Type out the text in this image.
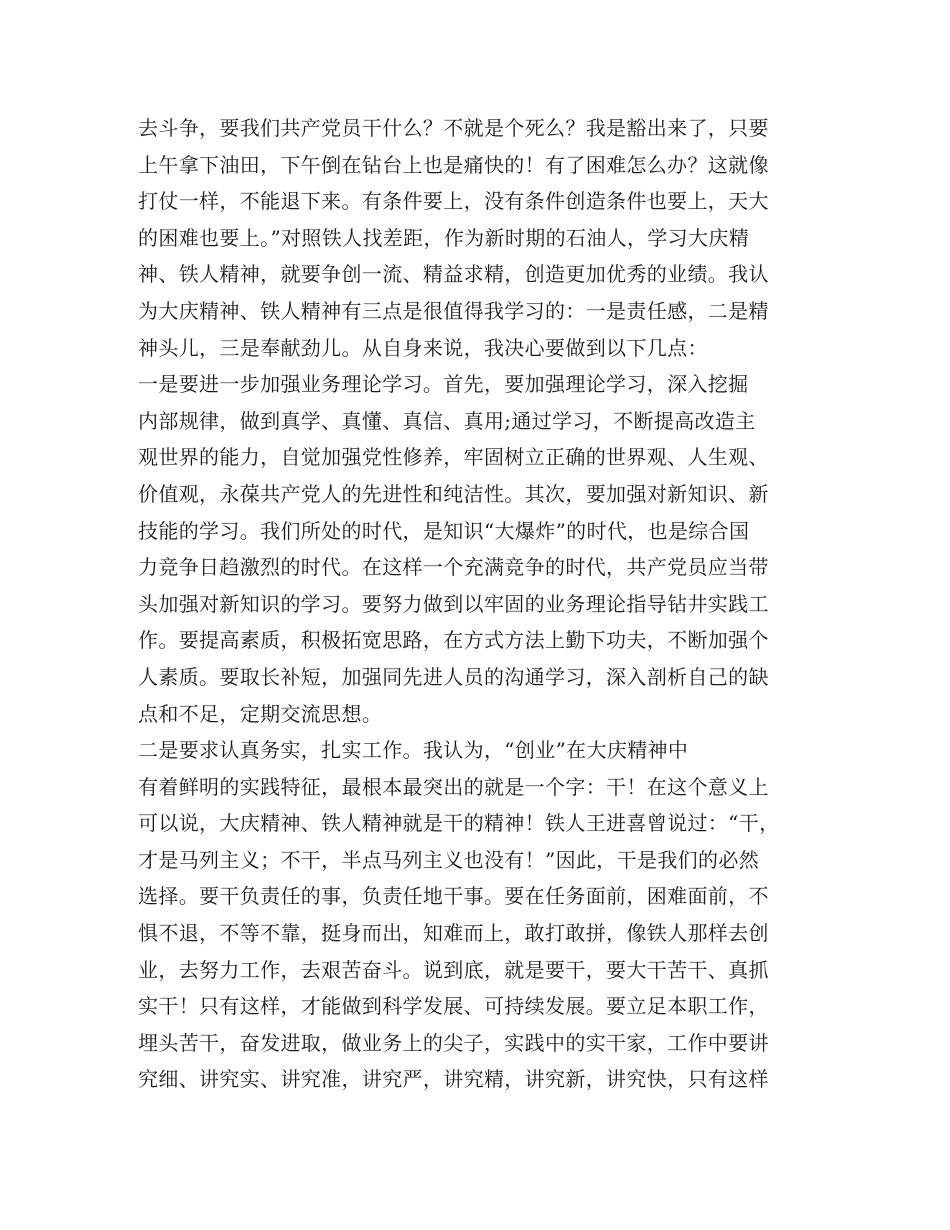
去斗争，要我们共产党员干什么？不就是个死么？我是豁出来了，只要
上午拿下油田，下午倒在钻台上也是痛快的！有了困难怎么办？这就像
打仗一样，不能退下来。有条件要上，没有条件创造条件也要上，天大
的困难也要上。”对照铁人找差距，作为新时期的石油人，学习大庆精
神、铁人精神，就要争创一流、精益求精，创造更加优秀的业绩。我认
为大庆精神、铁人精神有三点是很值得我学习的：一是责任感，二是精
神头儿，三是奉献劲儿。从自身来说，我决心要做到以下几点：
一是要进一步加强业务理论学习。首先，要加强理论学习，深入挖掘
内部规律，做到真学、真懂、真信、真用;通过学习，不断提高改造主
观世界的能力，自觉加强党性修养，牢固树立正确的世界观、人生观、
价值观，永葆共产党人的先进性和纯洁性。其次，要加强对新知识、新
技能的学习。我们所处的时代，是知识“大爆炸”的时代，也是综合国
力竞争日趋激烈的时代。在这样一个充满竞争的时代，共产党员应当带
头加强对新知识的学习。要努力做到以牢固的业务理论指导钻井实践工
作。要提高素质，积极拓宽思路，在方式方法上勤下功夫，不断加强个
人素质。要取长补短，加强同先进人员的沟通学习，深入剖析自己的缺
点和不足，定期交流思想。
二是要求认真务实，扎实工作。我认为，“创业”在大庆精神中
有着鲜明的实践特征，最根本最突出的就是一个字：干！在这个意义上
可以说，大庆精神、铁人精神就是干的精神！铁人王进喜曾说过：“干，
才是马列主义；不干，半点马列主义也没有！”因此，干是我们的必然
选择。要干负责任的事，负责任地干事。要在任务面前，困难面前，不
惧不退，不等不靠，挺身而出，知难而上，敢打敢拼，像铁人那样去创
业，去努力工作，去艰苦奋斗。说到底，就是要干，要大干苦干、真抓
实干！只有这样，才能做到科学发展、可持续发展。要立足本职工作，
埋头苦干，奋发进取，做业务上的尖子，实践中的实干家，工作中要讲
究细、讲究实、讲究准，讲究严，讲究精，讲究新，讲究快，只有这样
